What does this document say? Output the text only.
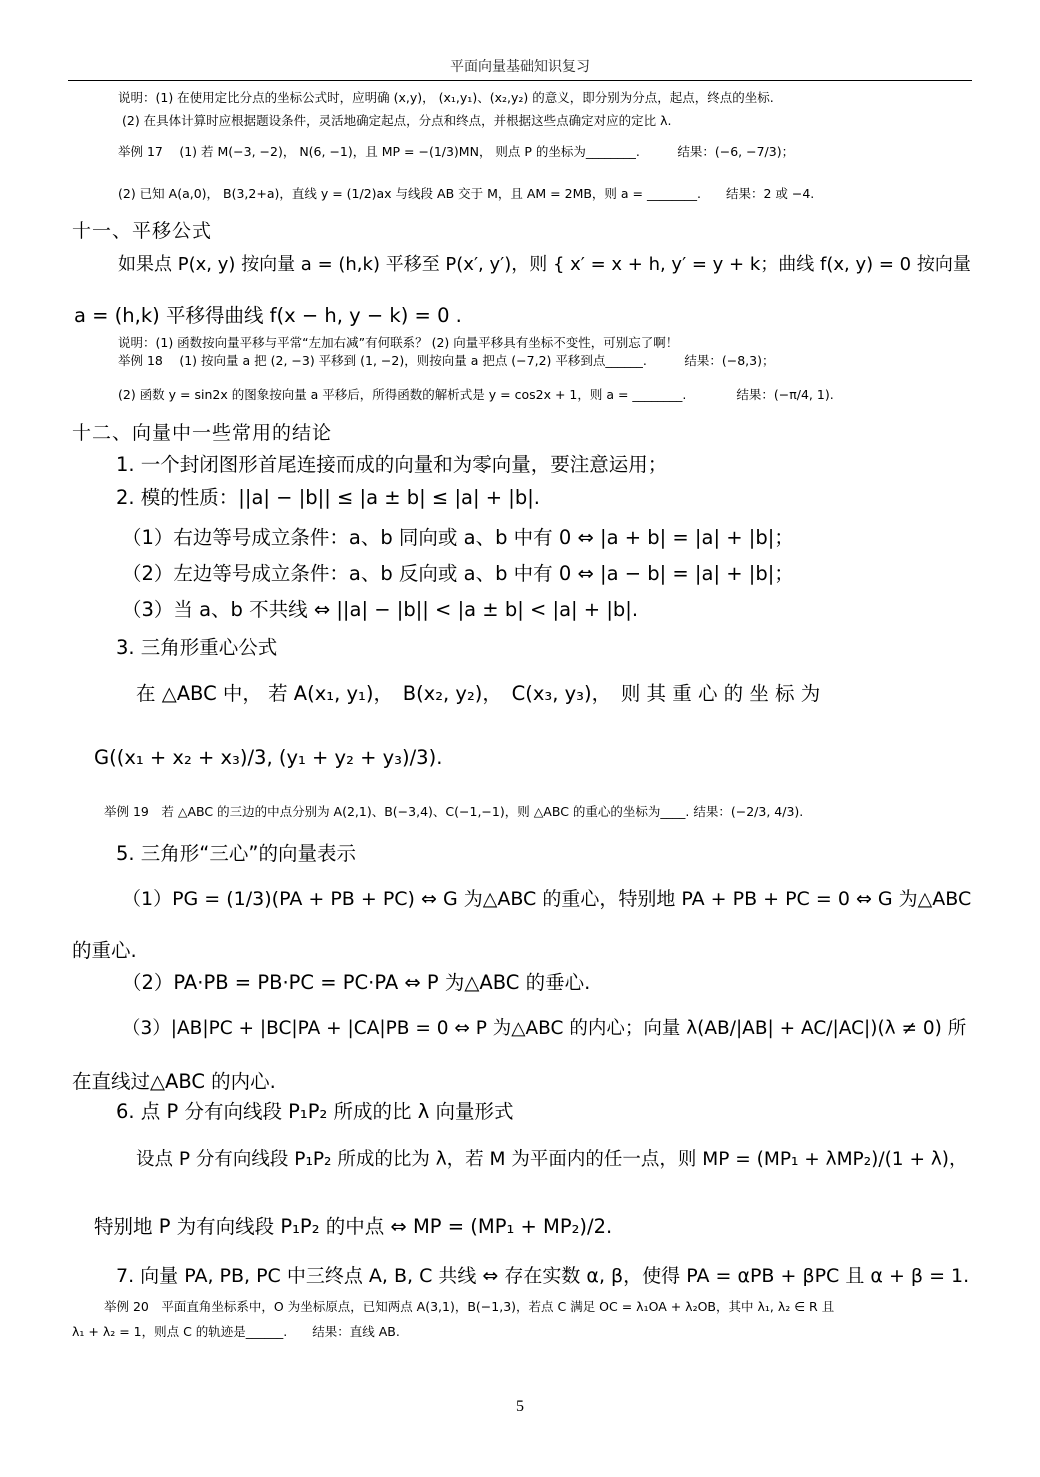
平面向量基础知识复习
说明：(1) 在使用定比分点的坐标公式时，应明确 (x,y)， (x₁,y₁)、(x₂,y₂) 的意义，即分别为分点，起点，终点的坐标.
(2) 在具体计算时应根据题设条件，灵活地确定起点，分点和终点，并根据这些点确定对应的定比 λ.
举例 17　 (1) 若 M(−3, −2)， N(6, −1)，且 MP = −(1/3)MN， 则点 P 的坐标为________.　　　结果：(−6, −7/3)；
(2) 已知 A(a,0)， B(3,2+a)，直线 y = (1/2)ax 与线段 AB 交于 M，且 AM = 2MB，则 a = ________.　　结果：2 或 −4.
十一、平移公式
如果点 P(x, y) 按向量 a = (h,k) 平移至 P(x′, y′)，则 { x′ = x + h, y′ = y + k；曲线 f(x, y) = 0 按向量
a = (h,k) 平移得曲线 f(x − h, y − k) = 0 .
说明：(1) 函数按向量平移与平常“左加右减”有何联系？ (2) 向量平移具有坐标不变性，可别忘了啊！
举例 18　 (1) 按向量 a 把 (2, −3) 平移到 (1, −2)，则按向量 a 把点 (−7,2) 平移到点______.　　　结果：(−8,3)；
(2) 函数 y = sin2x 的图象按向量 a 平移后，所得函数的解析式是 y = cos2x + 1，则 a = ________.　　　　结果：(−π/4, 1).
十二、向量中一些常用的结论
1. 一个封闭图形首尾连接而成的向量和为零向量，要注意运用；
2. 模的性质：||a| − |b|| ≤ |a ± b| ≤ |a| + |b|.
（1）右边等号成立条件：a、b 同向或 a、b 中有 0 ⇔ |a + b| = |a| + |b|；
（2）左边等号成立条件：a、b 反向或 a、b 中有 0 ⇔ |a − b| = |a| + |b|；
（3）当 a、b 不共线 ⇔ ||a| − |b|| < |a ± b| < |a| + |b|.
3. 三角形重心公式
在 △ABC 中， 若 A(x₁, y₁)，　B(x₂, y₂)，　C(x₃, y₃)，　则 其 重 心 的 坐 标 为
G((x₁ + x₂ + x₃)/3, (y₁ + y₂ + y₃)/3).
举例 19　若 △ABC 的三边的中点分别为 A(2,1)、B(−3,4)、C(−1,−1)，则 △ABC 的重心的坐标为____. 结果：(−2/3, 4/3).
5. 三角形“三心”的向量表示
（1）PG = (1/3)(PA + PB + PC) ⇔ G 为△ABC 的重心，特别地 PA + PB + PC = 0 ⇔ G 为△ABC
的重心.
（2）PA·PB = PB·PC = PC·PA ⇔ P 为△ABC 的垂心.
（3）|AB|PC + |BC|PA + |CA|PB = 0 ⇔ P 为△ABC 的内心；向量 λ(AB/|AB| + AC/|AC|)(λ ≠ 0) 所
在直线过△ABC 的内心.
6. 点 P 分有向线段 P₁P₂ 所成的比 λ 向量形式
设点 P 分有向线段 P₁P₂ 所成的比为 λ，若 M 为平面内的任一点，则 MP = (MP₁ + λMP₂)/(1 + λ)，
特别地 P 为有向线段 P₁P₂ 的中点 ⇔ MP = (MP₁ + MP₂)/2.
7. 向量 PA, PB, PC 中三终点 A, B, C 共线 ⇔ 存在实数 α, β，使得 PA = αPB + βPC 且 α + β = 1.
举例 20　平面直角坐标系中，O 为坐标原点，已知两点 A(3,1)，B(−1,3)，若点 C 满足 OC = λ₁OA + λ₂OB，其中 λ₁, λ₂ ∈ R 且
λ₁ + λ₂ = 1，则点 C 的轨迹是______.　　结果：直线 AB.
5
